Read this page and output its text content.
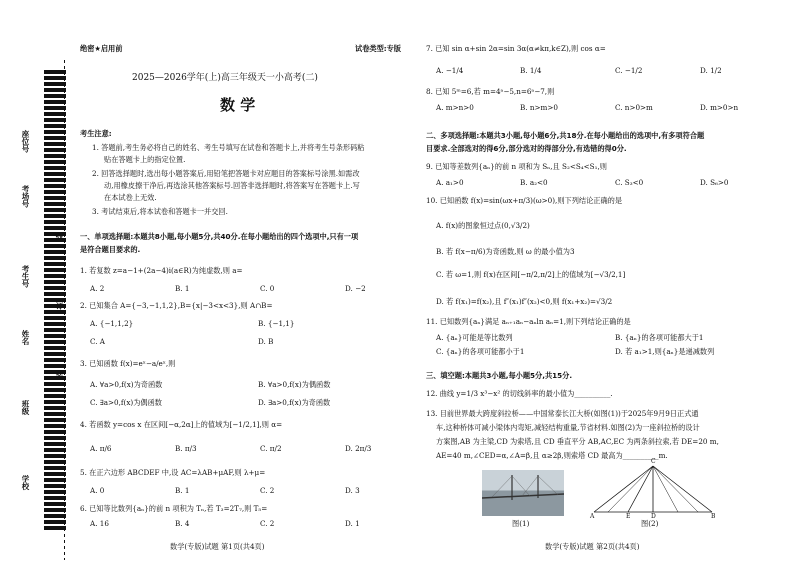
座位号
考场号
考生号
姓名
班级
学校
线
订
装
绝密★启用前	试卷类型:专版
2025—2026学年(上)高三年级天一小高考(二)
数 学
考生注意:
1. 答题前,考生务必将自己的姓名、考生号填写在试卷和答题卡上,并将考生号条形码粘
贴在答题卡上的指定位置.
2. 回答选择题时,选出每小题答案后,用铅笔把答题卡对应题目的答案标号涂黑.如需改
动,用橡皮擦干净后,再选涂其他答案标号.回答非选择题时,将答案写在答题卡上.写
在本试卷上无效.
3. 考试结束后,将本试卷和答题卡一并交回.
一、单项选择题:本题共8小题,每小题5分,共40分.在每小题给出的四个选项中,只有一项
是符合题目要求的.
1. 若复数 z=a−1+(2a−4)i(a∈R)为纯虚数,则 a=
A. 2	B. 1	C. 0	D. −2
2. 已知集合 A={−3,−1,1,2},B={x|−3<x<3},则 A∩B=
A. {−1,1,2}	B. {−1,1}
C. A	D. B
3. 已知函数 f(x)=eˣ−a/eˣ,则
A. ∀a>0,f(x)为奇函数	B. ∀a>0,f(x)为偶函数
C. ∃a>0,f(x)为偶函数	D. ∃a>0,f(x)为奇函数
4. 若函数 y=cos x 在区间[−α,2α]上的值域为[−1/2,1],则 α=
A. π/6	B. π/3	C. π/2	D. 2π/3
5. 在正六边形 ABCDEF 中,设 AC=λAB+μAF,则 λ+μ=
A. 0	B. 1	C. 2	D. 3
6. 已知等比数列{aₙ}的前 n 项积为 Tₙ,若 T₃=2T₇,则 T₅=
A. 16	B. 4	C. 2	D. 1
数学(专版)试题 第1页(共4页)
7. 已知 sin α+sin 2α=sin 3α(α≠kπ,k∈Z),则 cos α=
A. −1/4	B. 1/4	C. −1/2	D. 1/2
8. 已知 5ᵐ=6,若 m=4ᵃ−5,n=6ᵃ−7,则
A. m>n>0	B. n>m>0	C. n>0>m	D. m>0>n
二、多项选择题:本题共3小题,每小题6分,共18分.在每小题给出的选项中,有多项符合题
目要求.全部选对的得6分,部分选对的得部分分,有选错的得0分.
9. 已知等差数列{aₙ}的前 n 项和为 Sₙ,且 S₂<S₄<S₁,则
A. a₁>0	B. a₂<0	C. S₃<0	D. S₆>0
10. 已知函数 f(x)=sin(ωx+π/3)(ω>0),则下列结论正确的是
A. f(x)的图象恒过点(0,√3/2)
B. 若 f(x−π/6)为奇函数,则 ω 的最小值为3
C. 若 ω=1,则 f(x)在区间[−π/2,π/2]上的值域为[−√3/2,1]
D. 若 f(x₁)=f(x₂),且 f″(x₁)f″(x₂)<0,则 f(x₁+x₂)=√3/2
11. 已知数列{aₙ}满足 aₙ₊₁aₙ−aₙln aₙ=1,则下列结论正确的是
A. {aₙ}可能是等比数列	B. {aₙ}的各项可能都大于1
C. {aₙ}的各项可能都小于1	D. 若 a₁>1,则{aₙ}是递减数列
三、填空题:本题共3小题,每小题5分,共15分.
12. 曲线 y=1/3 x³−x² 的切线斜率的最小值为__________.
13. 目前世界最大跨度斜拉桥——中国常泰长江大桥(如图(1))于2025年9月9日正式通
车,这种桥体可减小梁体内弯矩,减轻结构重量,节省材料.如图(2)为一座斜拉桥的设计
方案图,AB 为主梁,CD 为索塔,且 CD 垂直平分 AB,AC,EC 为两条斜拉索,若 DE=20 m,
AE=40 m,∠CED=α,∠A=β,且 α≥2β,则索塔 CD 最高为__________m.
图(1)
C
A	E	D	B
图(2)
数学(专版)试题 第2页(共4页)
